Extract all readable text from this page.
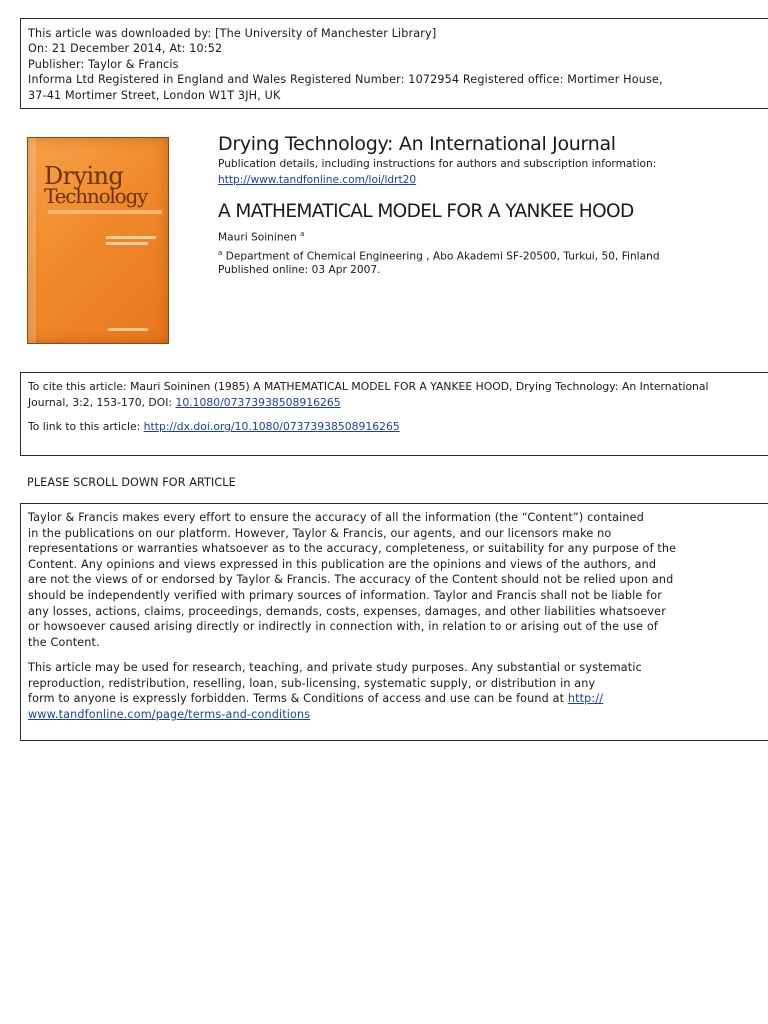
This article was downloaded by: [The University of Manchester Library]
On: 21 December 2014, At: 10:52
Publisher: Taylor & Francis
Informa Ltd Registered in England and Wales Registered Number: 1072954 Registered office: Mortimer House,
37-41 Mortimer Street, London W1T 3JH, UK
Drying
Technology
Drying Technology: An International Journal
Publication details, including instructions for authors and subscription information:
http://www.tandfonline.com/loi/ldrt20
A MATHEMATICAL MODEL FOR A YANKEE HOOD
Mauri Soininen $^a$
$^a$ Department of Chemical Engineering , Abo Akademi SF-20500, Turkui, 50, Finland
Published online: 03 Apr 2007.
To cite this article: Mauri Soininen (1985) A MATHEMATICAL MODEL FOR A YANKEE HOOD, Drying Technology: An International
Journal, 3:2, 153-170, DOI: 10.1080/07373938508916265
To link to this article: http://dx.doi.org/10.1080/07373938508916265
PLEASE SCROLL DOWN FOR ARTICLE
Taylor & Francis makes every effort to ensure the accuracy of all the information (the “Content”) contained
in the publications on our platform. However, Taylor & Francis, our agents, and our licensors make no
representations or warranties whatsoever as to the accuracy, completeness, or suitability for any purpose of the
Content. Any opinions and views expressed in this publication are the opinions and views of the authors, and
are not the views of or endorsed by Taylor & Francis. The accuracy of the Content should not be relied upon and
should be independently verified with primary sources of information. Taylor and Francis shall not be liable for
any losses, actions, claims, proceedings, demands, costs, expenses, damages, and other liabilities whatsoever
or howsoever caused arising directly or indirectly in connection with, in relation to or arising out of the use of
the Content.
This article may be used for research, teaching, and private study purposes. Any substantial or systematic
reproduction, redistribution, reselling, loan, sub-licensing, systematic supply, or distribution in any
form to anyone is expressly forbidden. Terms & Conditions of access and use can be found at http://
www.tandfonline.com/page/terms-and-conditions
